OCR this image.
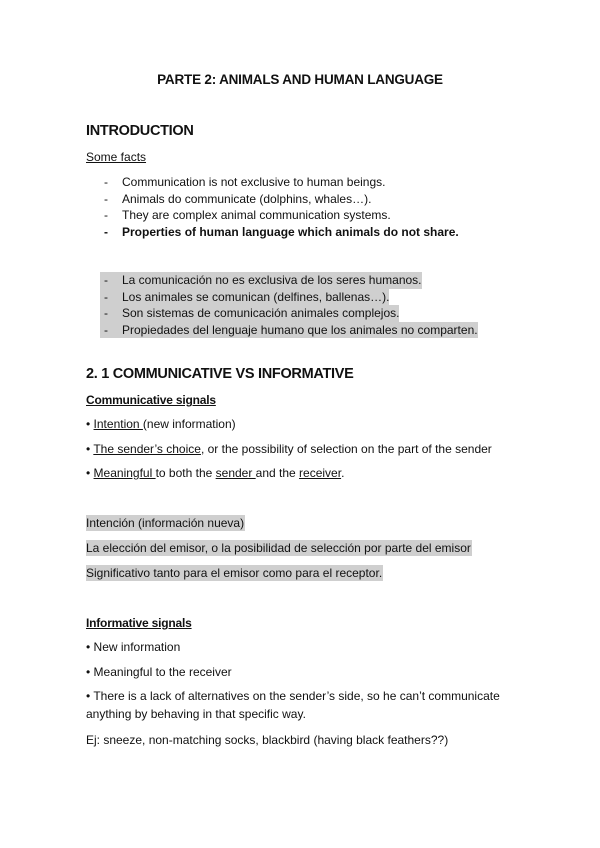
PARTE 2: ANIMALS AND HUMAN LANGUAGE
INTRODUCTION
Some facts
- Communication is not exclusive to human beings.
- Animals do communicate (dolphins, whales…).
- They are complex animal communication systems.
- Properties of human language which animals do not share.
- La comunicación no es exclusiva de los seres humanos.
- Los animales se comunican (delfines, ballenas…).
- Son sistemas de comunicación animales complejos.
- Propiedades del lenguaje humano que los animales no comparten.
2. 1 COMMUNICATIVE VS INFORMATIVE
Communicative signals
• Intention (new information)
• The sender’s choice, or the possibility of selection on the part of the sender
• Meaningful to both the sender and the receiver.
Intención (información nueva)
La elección del emisor, o la posibilidad de selección por parte del emisor
Significativo tanto para el emisor como para el receptor.
Informative signals
• New information
• Meaningful to the receiver
• There is a lack of alternatives on the sender’s side, so he can’t communicate
anything by behaving in that specific way.
Ej: sneeze, non-matching socks, blackbird (having black feathers??)
